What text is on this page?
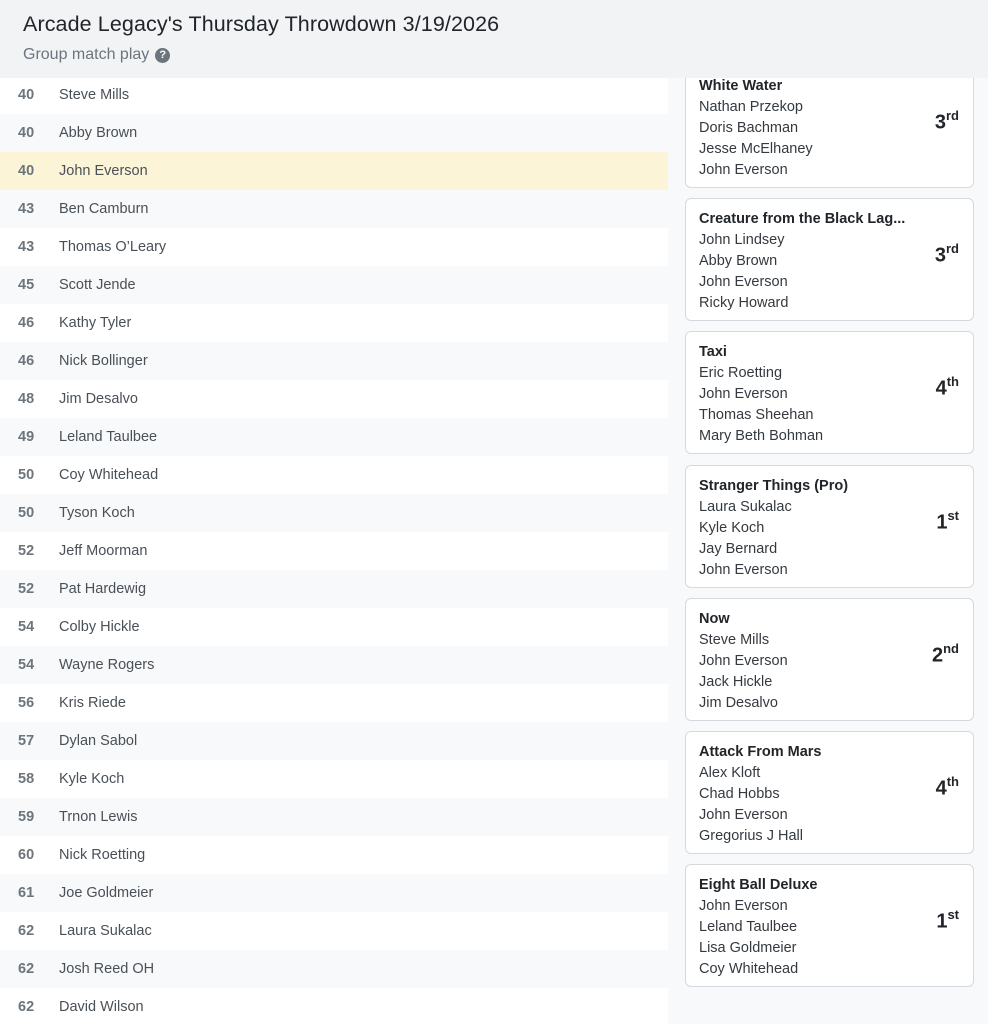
Arcade Legacy's Thursday Throwdown 3/19/2026
Group match play ?
40	Steve Mills
40	Abby Brown
40	John Everson
43	Ben Camburn
43	Thomas O’Leary
45	Scott Jende
46	Kathy Tyler
46	Nick Bollinger
48	Jim Desalvo
49	Leland Taulbee
50	Coy Whitehead
50	Tyson Koch
52	Jeff Moorman
52	Pat Hardewig
54	Colby Hickle
54	Wayne Rogers
56	Kris Riede
57	Dylan Sabol
58	Kyle Koch
59	Trnon Lewis
60	Nick Roetting
61	Joe Goldmeier
62	Laura Sukalac
62	Josh Reed OH
62	David Wilson
White Water
Nathan Przekop
Doris Bachman
Jesse McElhaney
John Everson
3rd
Creature from the Black Lag...
John Lindsey
Abby Brown
John Everson
Ricky Howard
3rd
Taxi
Eric Roetting
John Everson
Thomas Sheehan
Mary Beth Bohman
4th
Stranger Things (Pro)
Laura Sukalac
Kyle Koch
Jay Bernard
John Everson
1st
Now
Steve Mills
John Everson
Jack Hickle
Jim Desalvo
2nd
Attack From Mars
Alex Kloft
Chad Hobbs
John Everson
Gregorius J Hall
4th
Eight Ball Deluxe
John Everson
Leland Taulbee
Lisa Goldmeier
Coy Whitehead
1st
